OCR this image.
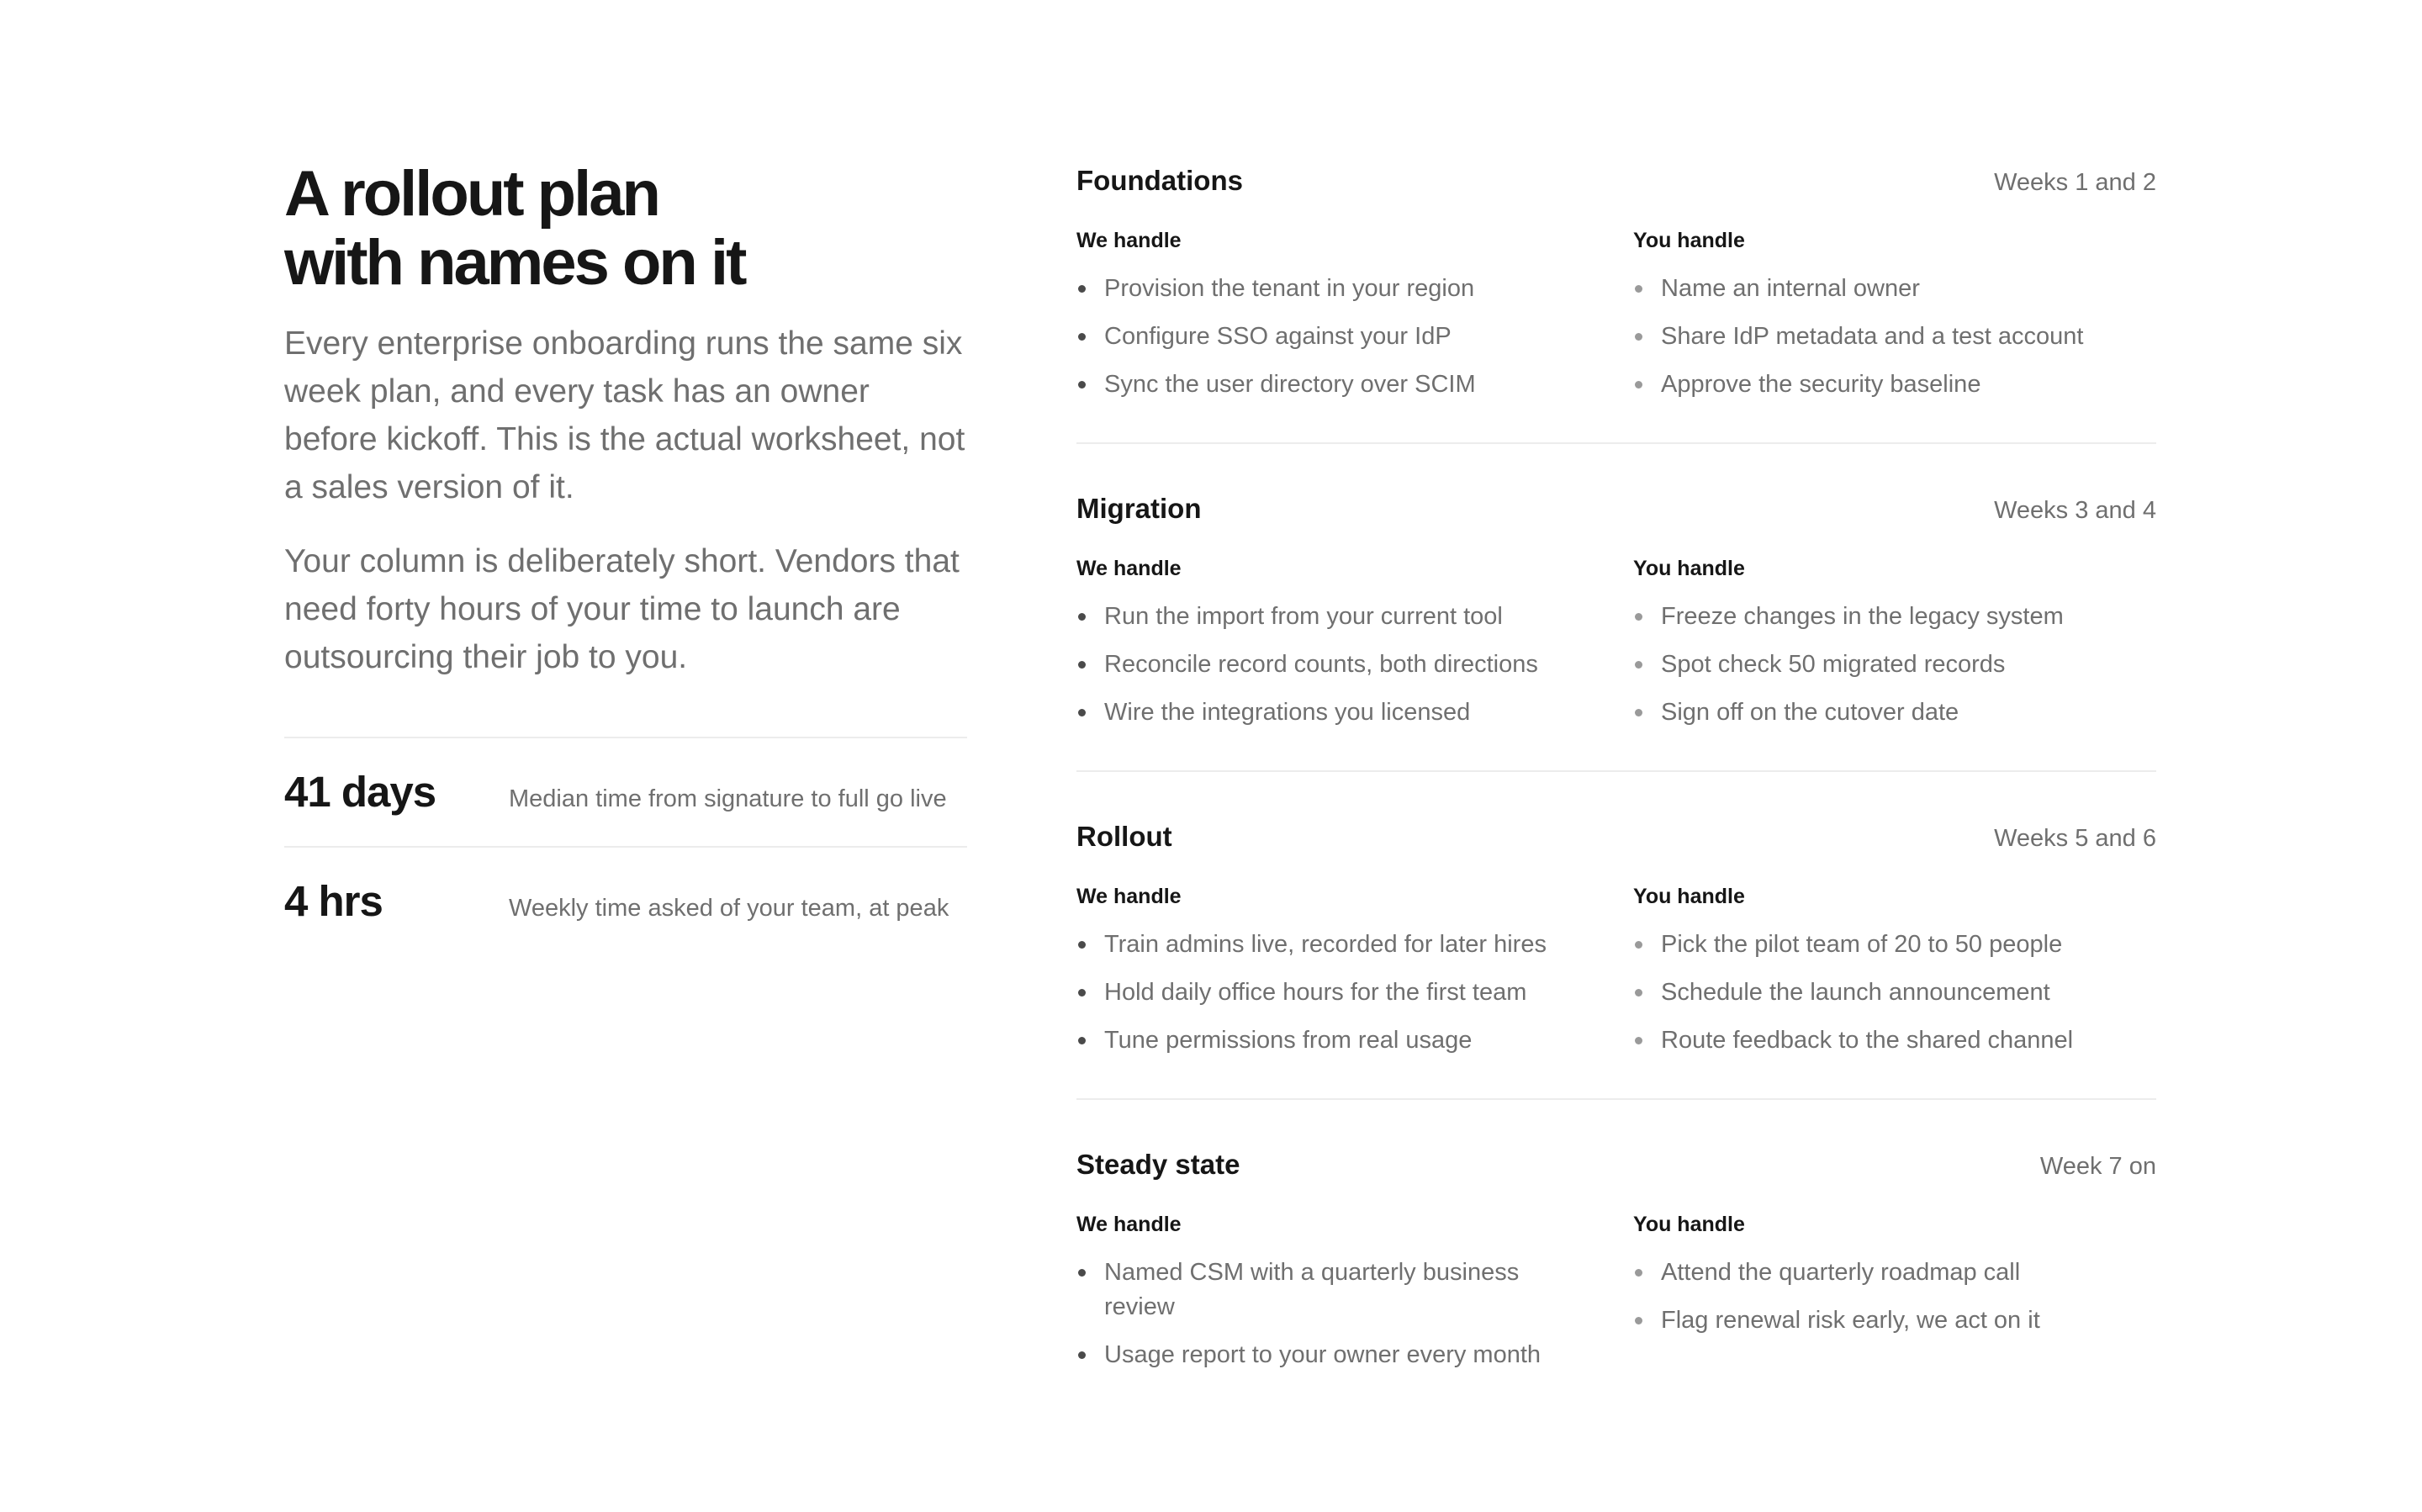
A rollout plan
with names on it

Every enterprise onboarding runs the same six week plan, and every task has an owner before kickoff. This is the actual worksheet, not a sales version of it.

Your column is deliberately short. Vendors that need forty hours of your time to launch are outsourcing their job to you.

41 days	Median time from signature to full go live
4 hrs	Weekly time asked of your team, at peak
Foundations	Weeks 1 and 2
We handle
Provision the tenant in your region
Configure SSO against your IdP
Sync the user directory over SCIM
You handle
Name an internal owner
Share IdP metadata and a test account
Approve the security baseline
Migration	Weeks 3 and 4
We handle
Run the import from your current tool
Reconcile record counts, both directions
Wire the integrations you licensed
You handle
Freeze changes in the legacy system
Spot check 50 migrated records
Sign off on the cutover date
Rollout	Weeks 5 and 6
We handle
Train admins live, recorded for later hires
Hold daily office hours for the first team
Tune permissions from real usage
You handle
Pick the pilot team of 20 to 50 people
Schedule the launch announcement
Route feedback to the shared channel
Steady state	Week 7 on
We handle
Named CSM with a quarterly business review
Usage report to your owner every month
You handle
Attend the quarterly roadmap call
Flag renewal risk early, we act on it
